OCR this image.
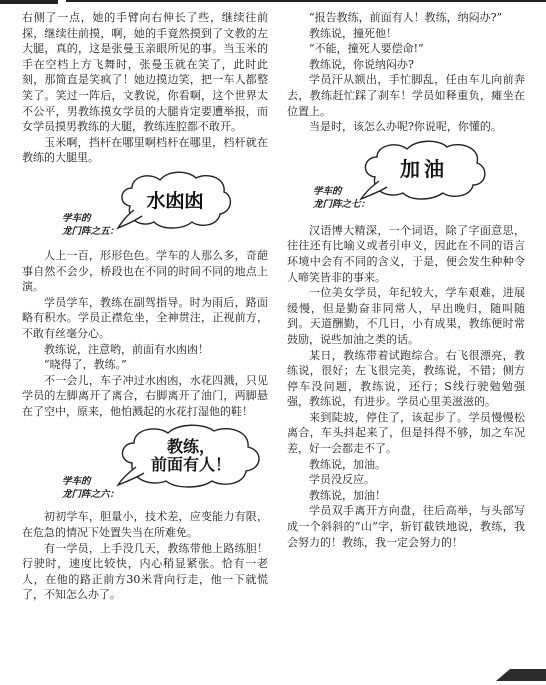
右侧了一点，她的手臂向右伸长了些，继续往前探，继续往前摸，啊，她的手竟然摸到了文教的左大腿，真的，这是张曼玉亲眼所见的事。当玉米的手在空档上方飞舞时，张曼玉就在笑了，此时此刻，那简直是笑疯了！她边摸边笑，把一车人都整笑了。笑过一阵后，文教说，你看啊，这个世界太不公平，男教练摸女学员的大腿肯定要遭举报，而女学员摸男教练的大腿，教练连腔都不敢开。

玉米啊，挡杆在哪里啊档杆在哪里，档杆就在教练的大腿里。

水凼凼
学车的
龙门阵之五：

人上一百，形形色色。学车的人那么多，奇葩事自然不会少，桥段也在不同的时间不同的地点上演。

学员学车，教练在副驾指导。时为雨后，路面略有积水。学员正襟危坐，全神贯注，正视前方，不敢有丝毫分心。

教练说，注意哟，前面有水凼凼！

“晓得了，教练。”

不一会儿，车子冲过水凼凼，水花四溅，只见学员的左脚离开了离合，右脚离开了油门，两脚悬在了空中，原来，他怕溅起的水花打湿他的鞋！

教练，
前面有人！
学车的
龙门阵之六：

初初学车，胆量小，技术差，应变能力有限，在危急的情况下处置失当在所难免。

有一学员，上手没几天，教练带他上路练胆！行驶时，速度比较快，内心稍显紧张。恰有一老人，在他的路正前方30米背向行走，他一下就慌了，不知怎么办了。

“报告教练，前面有人！教练，纳闷办?”

教练说，撞死他！

“不能，撞死人要偿命!”

教练说，你说纳闷办?

学员汗从额出，手忙脚乱，任由车儿向前奔去，教练赶忙踩了刹车！学员如释重负，瘫坐在位置上。

当是时，该怎么办呢?你说呢，你懂的。

加油
学车的
龙门阵之七：

汉语博大精深，一个词语，除了字面意思，往往还有比喻义或者引申义，因此在不同的语言环境中会有不同的含义，于是，便会发生种种令人啼笑皆非的事来。

一位美女学员，年纪较大，学车艰难，进展缓慢，但是勤奋非同常人，早出晚归，随叫随到。天道酬勤，不几日，小有成果，教练便时常鼓励，说些加油之类的话。

某日，教练带着试跑综合。右飞很漂亮，教练说，很好；左飞很完美，教练说，不错；侧方停车没问题，教练说，还行；S线行驶勉勉强强，教练说，有进步。学员心里美滋滋的。

来到陡坡，停住了，该起步了。学员慢慢松离合，车头抖起来了，但是抖得不够，加之车况差，好一会都走不了。

教练说，加油。

学员没反应。

教练说，加油！

学员双手离开方向盘，往后高举，与头部写成一个斜斜的“山”字，斩钉截铁地说，教练，我会努力的！教练，我一定会努力的！
